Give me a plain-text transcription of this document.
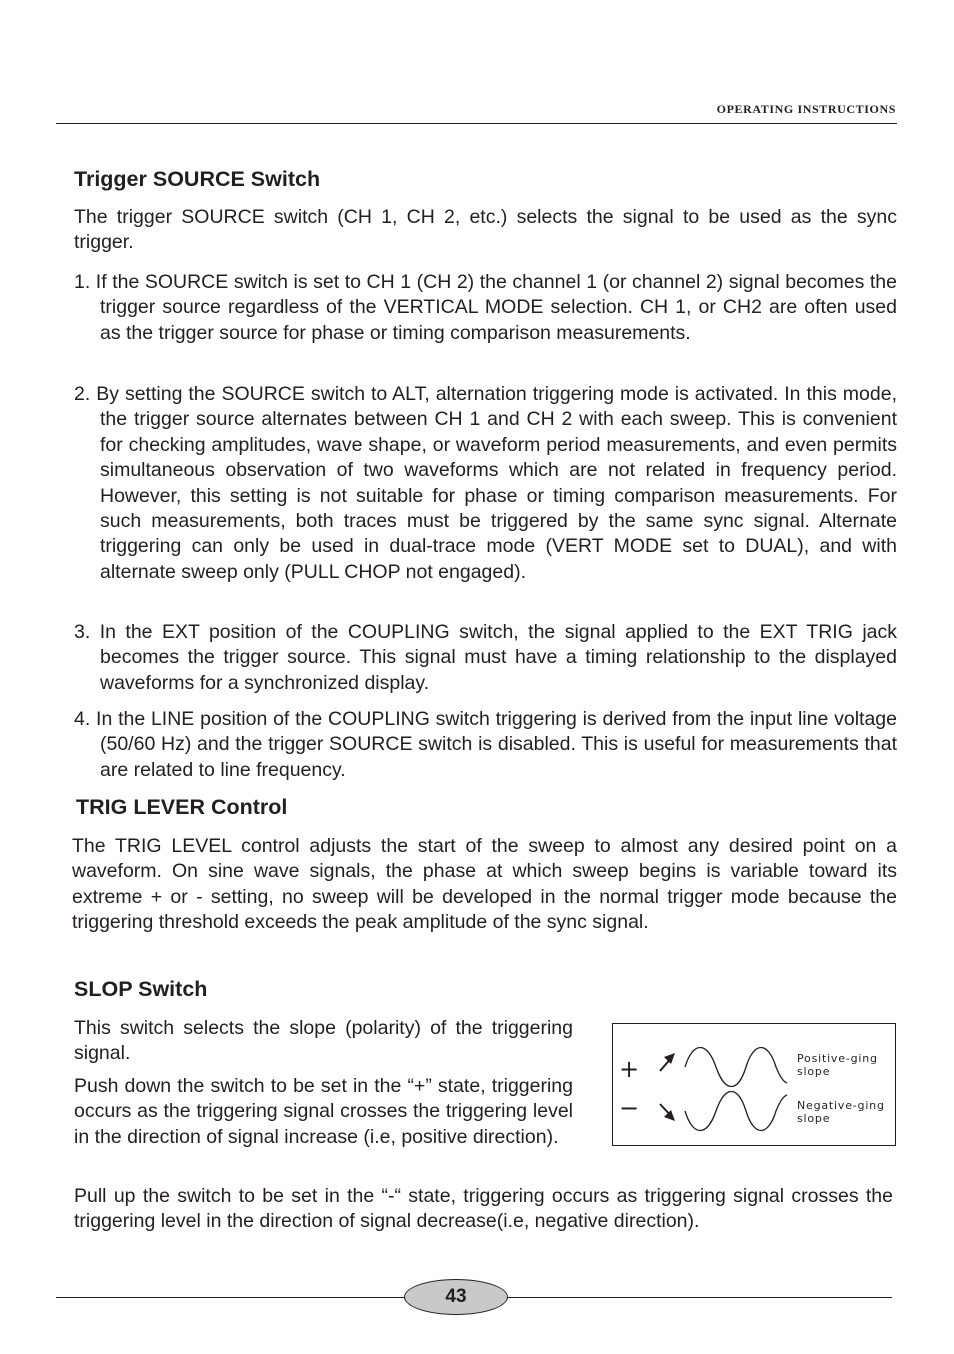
OPERATING INSTRUCTIONS
Trigger SOURCE Switch

The trigger SOURCE switch (CH 1, CH 2, etc.) selects the signal to be used as the sync trigger.

1. If the SOURCE switch is set to CH 1 (CH 2) the channel 1 (or channel 2) signal becomes the trigger source regardless of the VERTICAL MODE selection. CH 1, or CH2 are often used as the trigger source for phase or timing comparison measurements.

2. By setting the SOURCE switch to ALT, alternation triggering mode is activated. In this mode, the trigger source alternates between CH 1 and CH 2 with each sweep. This is convenient for checking amplitudes, wave shape, or waveform period measurements, and even permits simultaneous observation of two waveforms which are not related in frequency period. However, this setting is not suitable for phase or timing comparison measurements. For such measurements, both traces must be triggered by the same sync signal. Alternate triggering can only be used in dual-trace mode (VERT MODE set to DUAL), and with alternate sweep only (PULL CHOP not engaged).

3. In the EXT position of the COUPLING switch, the signal applied to the EXT TRIG jack becomes the trigger source. This signal must have a timing relationship to the displayed waveforms for a synchronized display.

4. In the LINE position of the COUPLING switch triggering is derived from the input line voltage (50/60 Hz) and the trigger SOURCE switch is disabled. This is useful for measurements that are related to line frequency.

TRIG LEVER Control

The TRIG LEVEL control adjusts the start of the sweep to almost any desired point on a waveform. On sine wave signals, the phase at which sweep begins is variable toward its extreme + or - setting, no sweep will be developed in the normal trigger mode because the triggering threshold exceeds the peak amplitude of the sync signal.

SLOP Switch

This switch selects the slope (polarity) of the triggering signal.

Push down the switch to be set in the “+” state, triggering occurs as the triggering signal crosses the triggering level in the direction of signal increase (i.e, positive direction).

Pull up the switch to be set in the “-“ state, triggering occurs as triggering signal crosses the triggering level in the direction of signal decrease(i.e, negative direction).

+
−
Positive-ging
slope
Negative-ging
slope
43
